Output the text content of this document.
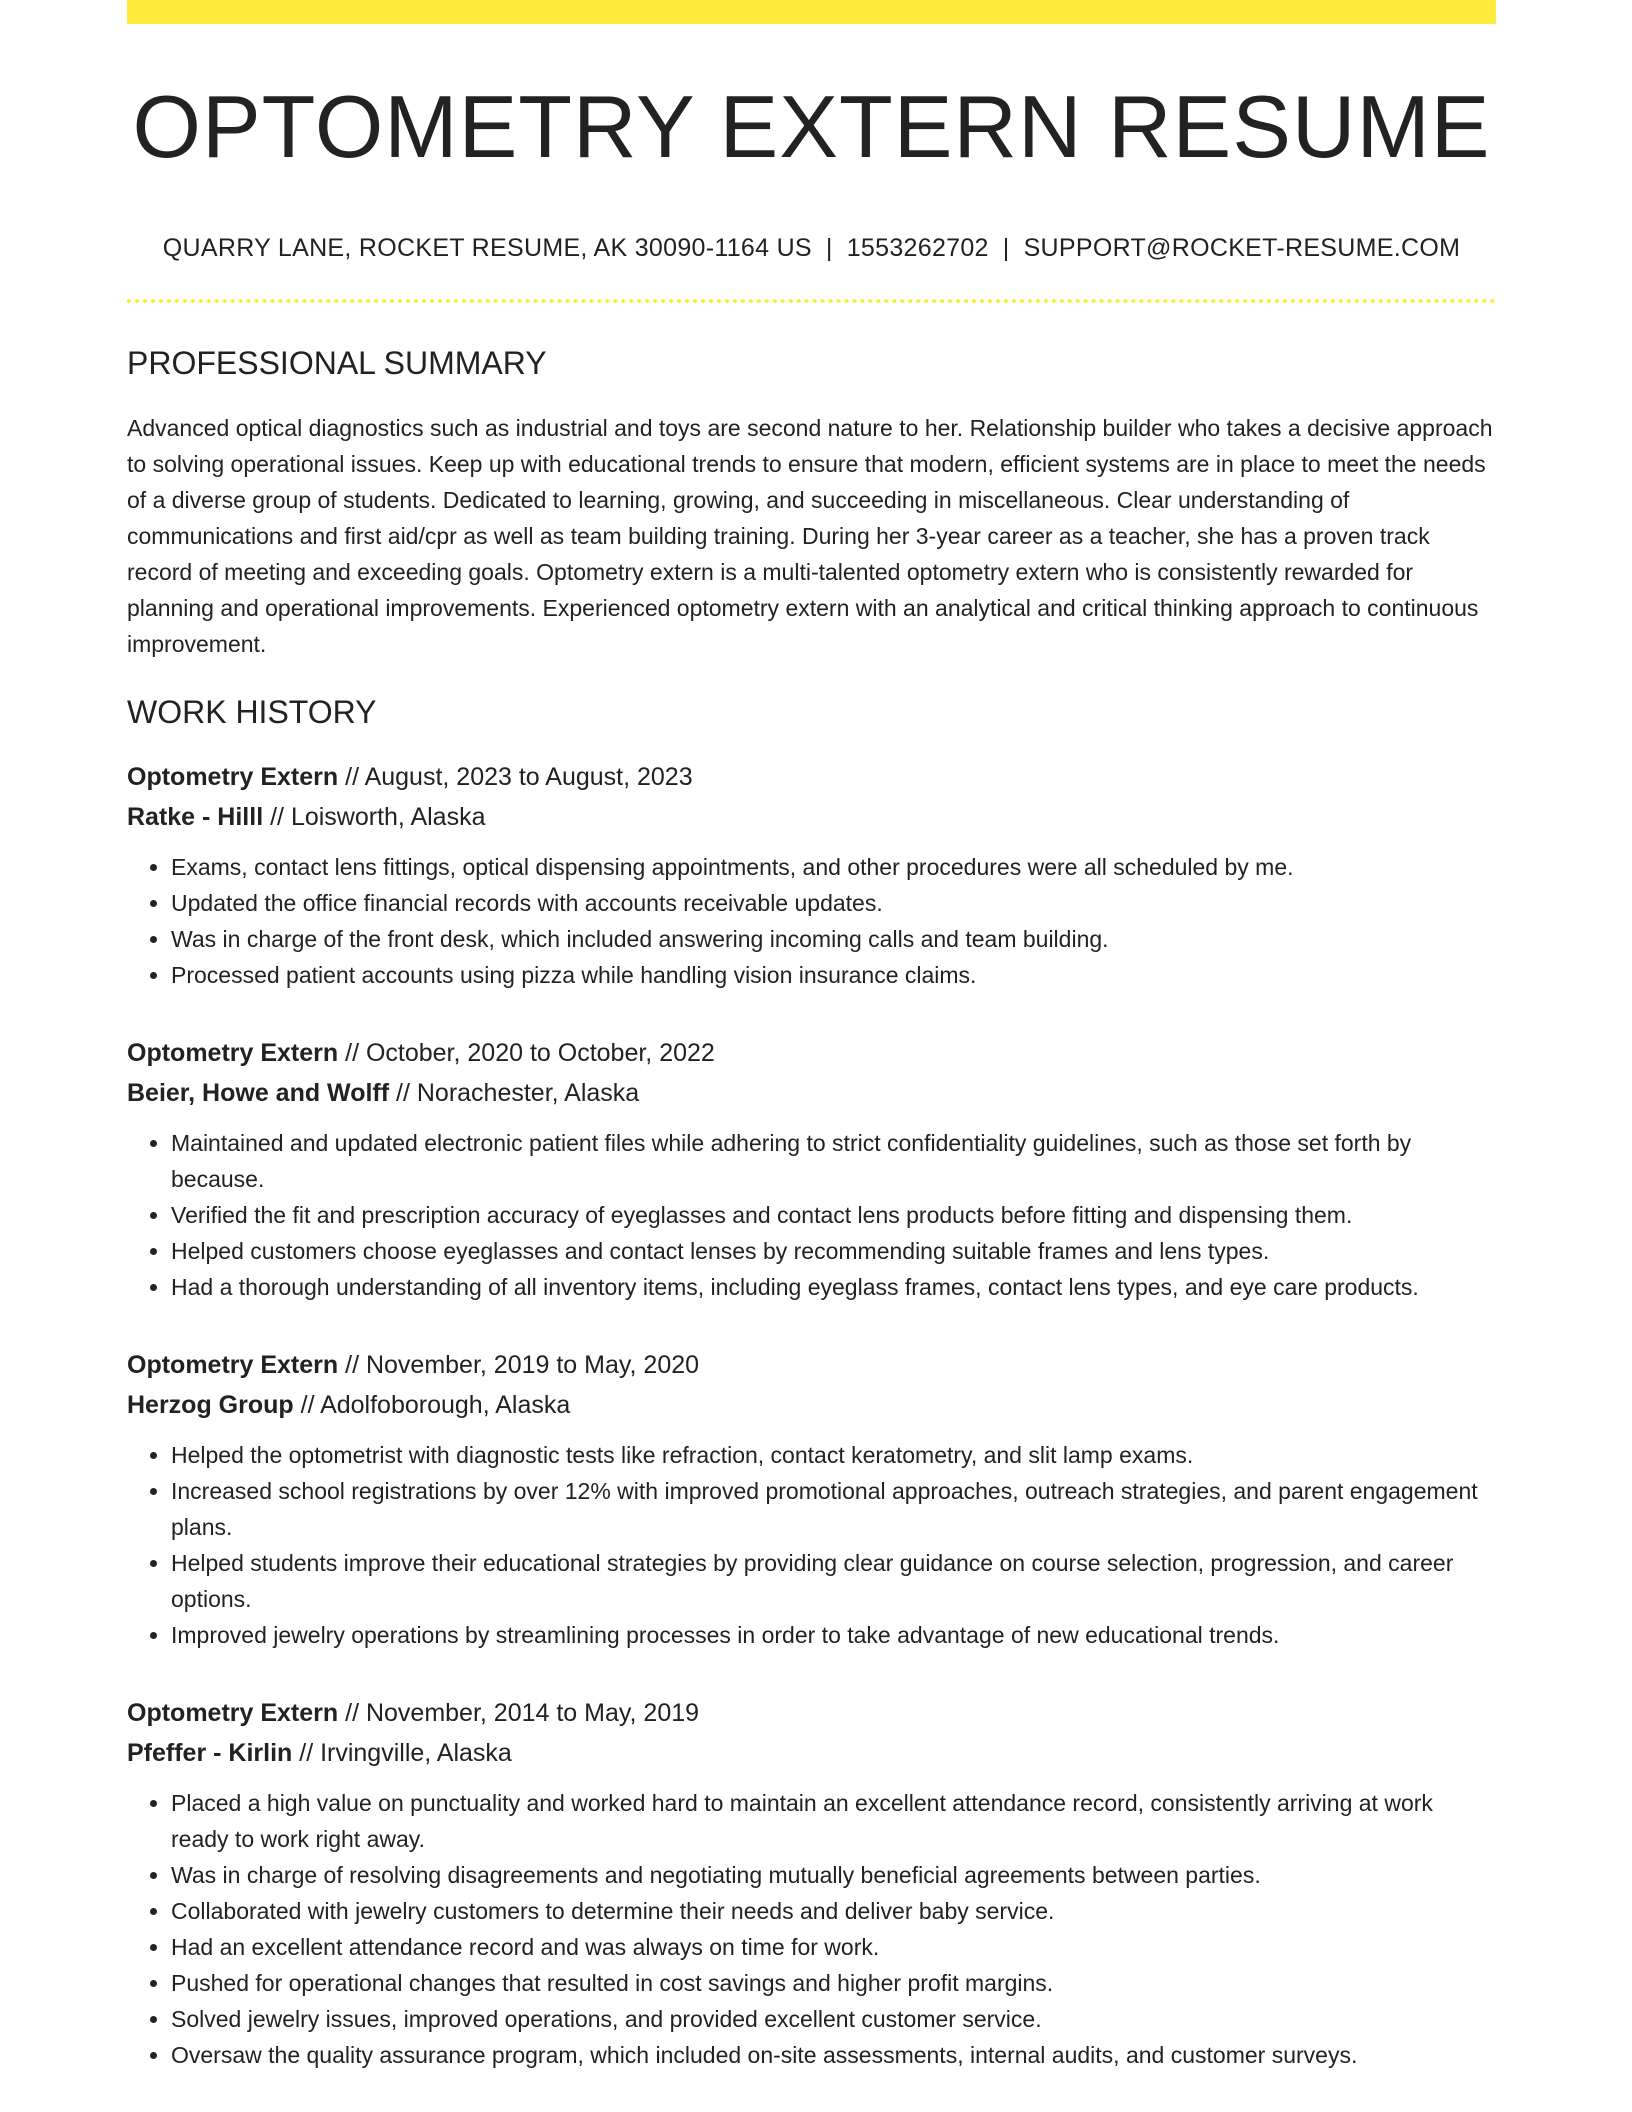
OPTOMETRY EXTERN RESUME
QUARRY LANE, ROCKET RESUME, AK 30090-1164 US | 1553262702 | SUPPORT@ROCKET-RESUME.COM
PROFESSIONAL SUMMARY
Advanced optical diagnostics such as industrial and toys are second nature to her. Relationship builder who takes a decisive approach to solving operational issues. Keep up with educational trends to ensure that modern, efficient systems are in place to meet the needs of a diverse group of students. Dedicated to learning, growing, and succeeding in miscellaneous. Clear understanding of communications and first aid/cpr as well as team building training. During her 3-year career as a teacher, she has a proven track record of meeting and exceeding goals. Optometry extern is a multi-talented optometry extern who is consistently rewarded for planning and operational improvements. Experienced optometry extern with an analytical and critical thinking approach to continuous improvement.
WORK HISTORY
Optometry Extern // August, 2023 to August, 2023
Ratke - Hilll // Loisworth, Alaska
• Exams, contact lens fittings, optical dispensing appointments, and other procedures were all scheduled by me.
• Updated the office financial records with accounts receivable updates.
• Was in charge of the front desk, which included answering incoming calls and team building.
• Processed patient accounts using pizza while handling vision insurance claims.
Optometry Extern // October, 2020 to October, 2022
Beier, Howe and Wolff // Norachester, Alaska
• Maintained and updated electronic patient files while adhering to strict confidentiality guidelines, such as those set forth by because.
• Verified the fit and prescription accuracy of eyeglasses and contact lens products before fitting and dispensing them.
• Helped customers choose eyeglasses and contact lenses by recommending suitable frames and lens types.
• Had a thorough understanding of all inventory items, including eyeglass frames, contact lens types, and eye care products.
Optometry Extern // November, 2019 to May, 2020
Herzog Group // Adolfoborough, Alaska
• Helped the optometrist with diagnostic tests like refraction, contact keratometry, and slit lamp exams.
• Increased school registrations by over 12% with improved promotional approaches, outreach strategies, and parent engagement plans.
• Helped students improve their educational strategies by providing clear guidance on course selection, progression, and career options.
• Improved jewelry operations by streamlining processes in order to take advantage of new educational trends.
Optometry Extern // November, 2014 to May, 2019
Pfeffer - Kirlin // Irvingville, Alaska
• Placed a high value on punctuality and worked hard to maintain an excellent attendance record, consistently arriving at work ready to work right away.
• Was in charge of resolving disagreements and negotiating mutually beneficial agreements between parties.
• Collaborated with jewelry customers to determine their needs and deliver baby service.
• Had an excellent attendance record and was always on time for work.
• Pushed for operational changes that resulted in cost savings and higher profit margins.
• Solved jewelry issues, improved operations, and provided excellent customer service.
• Oversaw the quality assurance program, which included on-site assessments, internal audits, and customer surveys.
